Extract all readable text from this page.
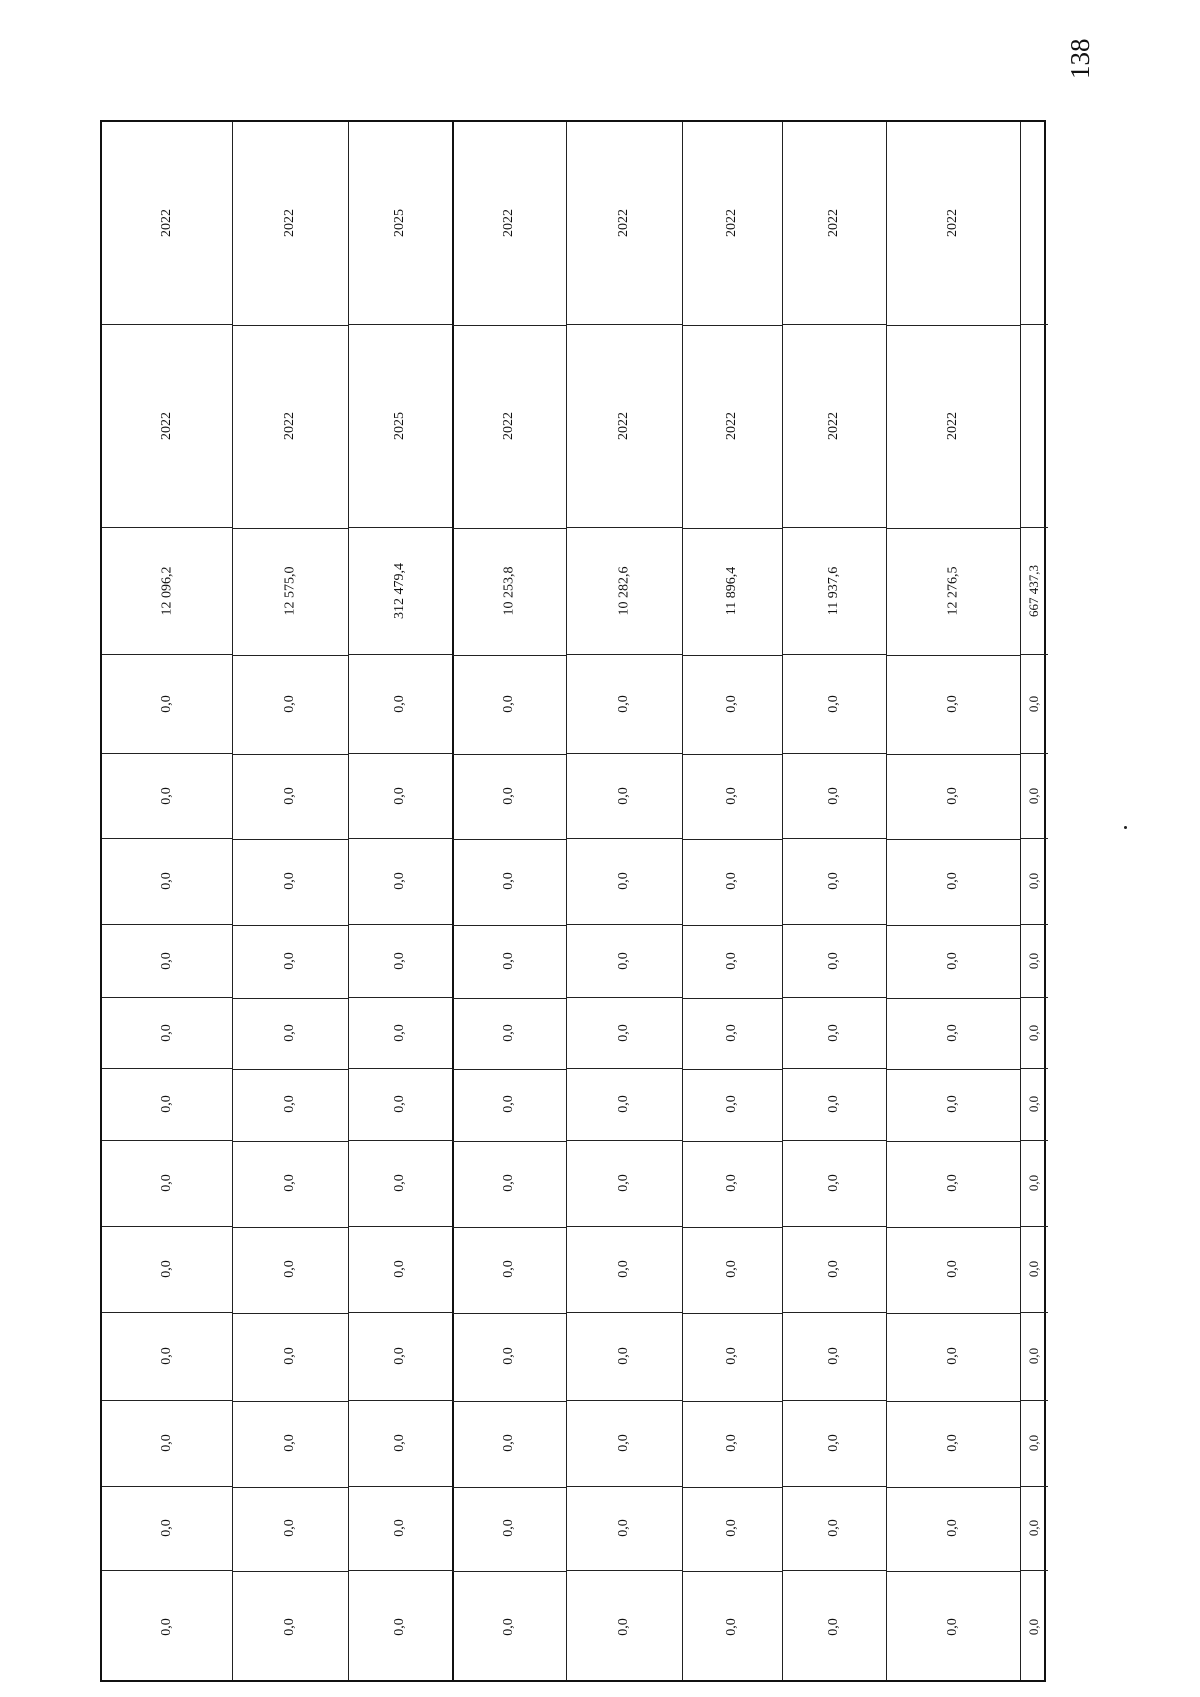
138
2022
2022
12 096,2
0,0
0,0
0,0
0,0
0,0
0,0
0,0
0,0
0,0
0,0
0,0
0,0
2022
2022
12 575,0
0,0
0,0
0,0
0,0
0,0
0,0
0,0
0,0
0,0
0,0
0,0
0,0
2025
2025
312 479,4
0,0
0,0
0,0
0,0
0,0
0,0
0,0
0,0
0,0
0,0
0,0
0,0
2022
2022
10 253,8
0,0
0,0
0,0
0,0
0,0
0,0
0,0
0,0
0,0
0,0
0,0
0,0
2022
2022
10 282,6
0,0
0,0
0,0
0,0
0,0
0,0
0,0
0,0
0,0
0,0
0,0
0,0
2022
2022
11 896,4
0,0
0,0
0,0
0,0
0,0
0,0
0,0
0,0
0,0
0,0
0,0
0,0
2022
2022
11 937,6
0,0
0,0
0,0
0,0
0,0
0,0
0,0
0,0
0,0
0,0
0,0
0,0
2022
2022
12 276,5
0,0
0,0
0,0
0,0
0,0
0,0
0,0
0,0
0,0
0,0
0,0
0,0
667 437,3
0,0
0,0
0,0
0,0
0,0
0,0
0,0
0,0
0,0
0,0
0,0
0,0
